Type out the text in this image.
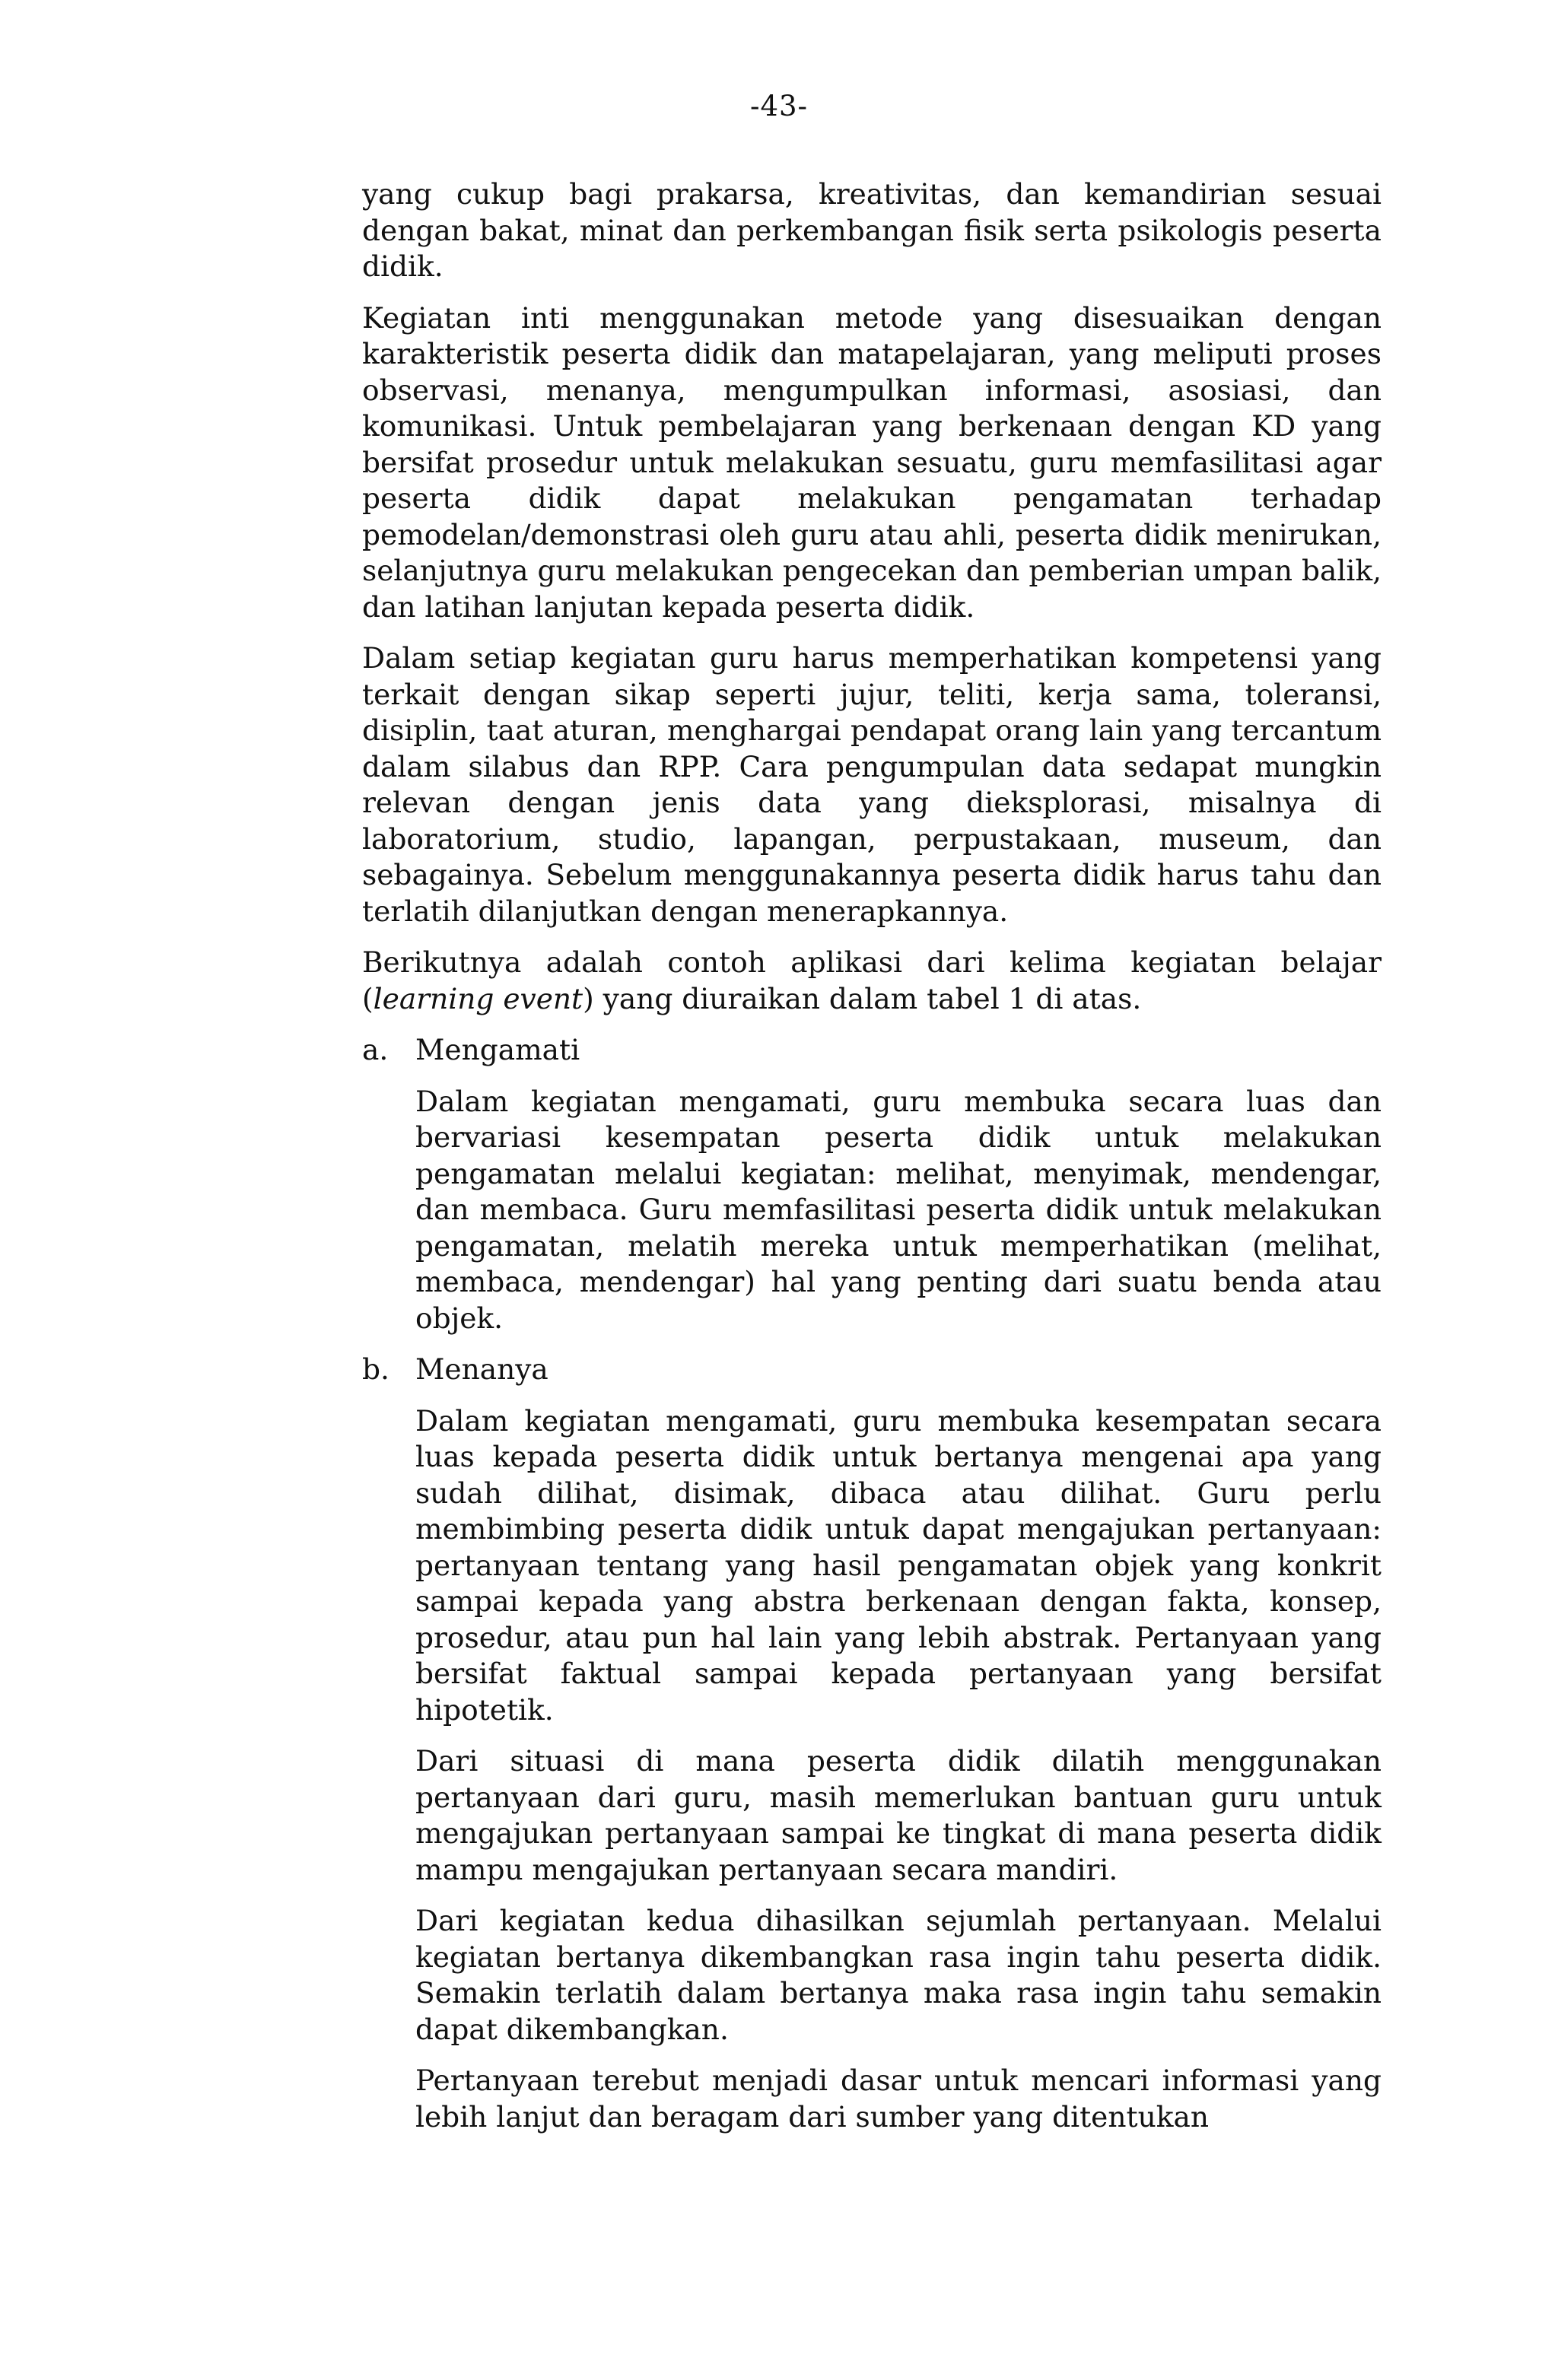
-43-

yang cukup bagi prakarsa, kreativitas, dan kemandirian sesuai dengan bakat, minat dan perkembangan fisik serta psikologis peserta didik.

Kegiatan inti menggunakan metode yang disesuaikan dengan karakteristik peserta didik dan matapelajaran, yang meliputi proses observasi, menanya, mengumpulkan informasi, asosiasi, dan komunikasi. Untuk pembelajaran yang berkenaan dengan KD yang bersifat prosedur untuk melakukan sesuatu, guru memfasilitasi agar peserta didik dapat melakukan pengamatan terhadap pemodelan/demonstrasi oleh guru atau ahli, peserta didik menirukan, selanjutnya guru melakukan pengecekan dan pemberian umpan balik, dan latihan lanjutan kepada peserta didik.

Dalam setiap kegiatan guru harus memperhatikan kompetensi yang terkait dengan sikap seperti jujur, teliti, kerja sama, toleransi, disiplin, taat aturan, menghargai pendapat orang lain yang tercantum dalam silabus dan RPP. Cara pengumpulan data sedapat mungkin relevan dengan jenis data yang dieksplorasi, misalnya di laboratorium, studio, lapangan, perpustakaan, museum, dan sebagainya. Sebelum menggunakannya peserta didik harus tahu dan terlatih dilanjutkan dengan menerapkannya.

Berikutnya adalah contoh aplikasi dari kelima kegiatan belajar (learning event) yang diuraikan dalam tabel 1 di atas.

a. Mengamati

Dalam kegiatan mengamati, guru membuka secara luas dan bervariasi kesempatan peserta didik untuk melakukan pengamatan melalui kegiatan: melihat, menyimak, mendengar, dan membaca. Guru memfasilitasi peserta didik untuk melakukan pengamatan, melatih mereka untuk memperhatikan (melihat, membaca, mendengar) hal yang penting dari suatu benda atau objek.

b. Menanya

Dalam kegiatan mengamati, guru membuka kesempatan secara luas kepada peserta didik untuk bertanya mengenai apa yang sudah dilihat, disimak, dibaca atau dilihat. Guru perlu membimbing peserta didik untuk dapat mengajukan pertanyaan: pertanyaan tentang yang hasil pengamatan objek yang konkrit sampai kepada yang abstra berkenaan dengan fakta, konsep, prosedur, atau pun hal lain yang lebih abstrak. Pertanyaan yang bersifat faktual sampai kepada pertanyaan yang bersifat hipotetik.

Dari situasi di mana peserta didik dilatih menggunakan pertanyaan dari guru, masih memerlukan bantuan guru untuk mengajukan pertanyaan sampai ke tingkat di mana peserta didik mampu mengajukan pertanyaan secara mandiri.

Dari kegiatan kedua dihasilkan sejumlah pertanyaan. Melalui kegiatan bertanya dikembangkan rasa ingin tahu peserta didik. Semakin terlatih dalam bertanya maka rasa ingin tahu semakin dapat dikembangkan.

Pertanyaan terebut menjadi dasar untuk mencari informasi yang lebih lanjut dan beragam dari sumber yang ditentukan
